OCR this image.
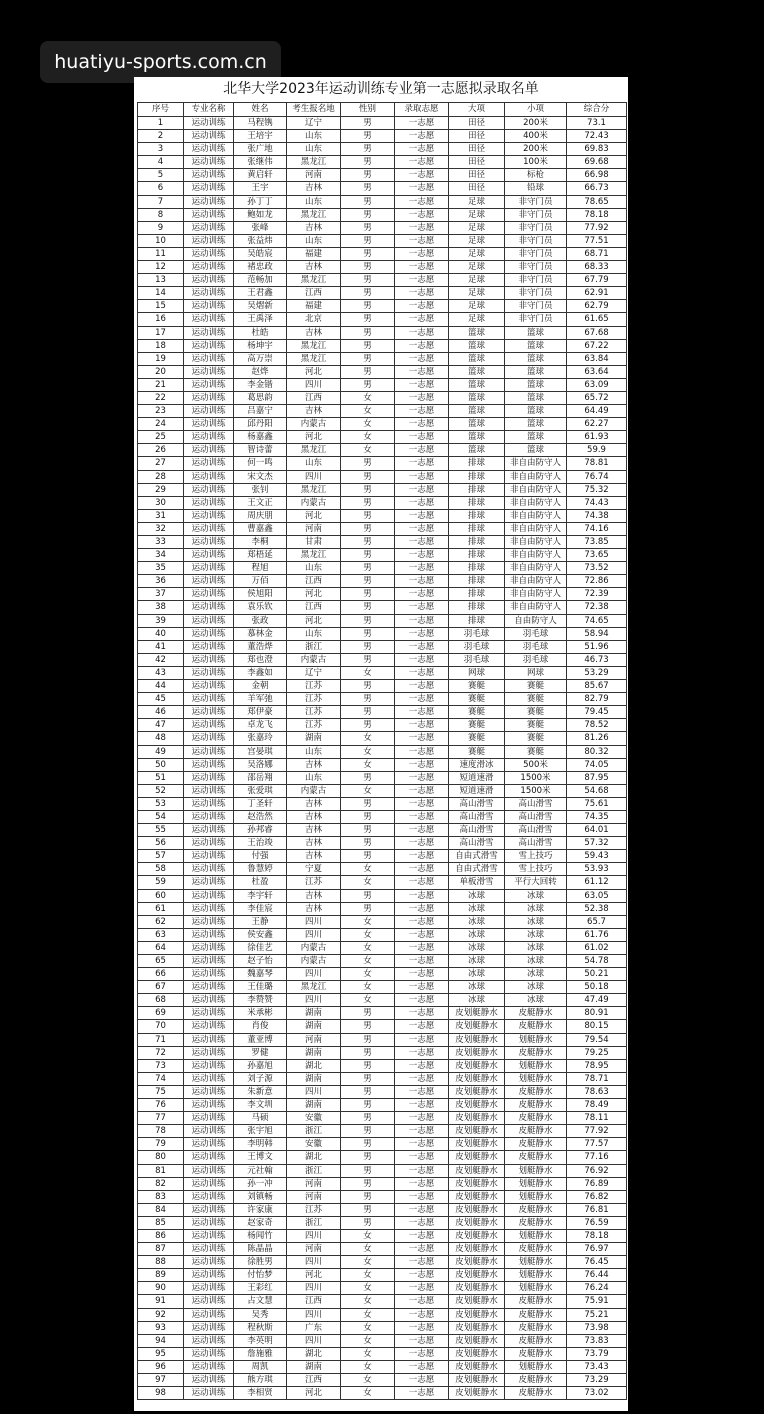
huatiyu-sports.com.cn
北华大学2023年运动训练专业第一志愿拟录取名单
序号	专业名称	姓名	考生报名地	性别	录取志愿	大项	小项	综合分
1	运动训练	马程镌	辽宁	男	一志愿	田径	200米	73.1
2	运动训练	王培宇	山东	男	一志愿	田径	400米	72.43
3	运动训练	张广地	山东	男	一志愿	田径	200米	69.83
4	运动训练	张继伟	黑龙江	男	一志愿	田径	100米	69.68
5	运动训练	黄启轩	河南	男	一志愿	田径	标枪	66.98
6	运动训练	王宇	吉林	男	一志愿	田径	铅球	66.73
7	运动训练	孙丁丁	山东	男	一志愿	足球	非守门员	78.65
8	运动训练	鲍如龙	黑龙江	男	一志愿	足球	非守门员	78.18
9	运动训练	张峰	吉林	男	一志愿	足球	非守门员	77.92
10	运动训练	张益炜	山东	男	一志愿	足球	非守门员	77.51
11	运动训练	吴皓宸	福建	男	一志愿	足球	非守门员	68.71
12	运动训练	褚忠政	吉林	男	一志愿	足球	非守门员	68.33
13	运动训练	范畅加	黑龙江	男	一志愿	足球	非守门员	67.79
14	运动训练	王君鑫	江西	男	一志愿	足球	非守门员	62.91
15	运动训练	吴熠新	福建	男	一志愿	足球	非守门员	62.79
16	运动训练	王禹泽	北京	男	一志愿	足球	非守门员	61.65
17	运动训练	杜皓	吉林	男	一志愿	篮球	篮球	67.68
18	运动训练	杨坤宇	黑龙江	男	一志愿	篮球	篮球	67.22
19	运动训练	高万崇	黑龙江	男	一志愿	篮球	篮球	63.84
20	运动训练	赵烨	河北	男	一志愿	篮球	篮球	63.64
21	运动训练	李金锴	四川	男	一志愿	篮球	篮球	63.09
22	运动训练	葛思韵	江西	女	一志愿	篮球	篮球	65.72
23	运动训练	吕嘉宁	吉林	女	一志愿	篮球	篮球	64.49
24	运动训练	邱丹阳	内蒙古	女	一志愿	篮球	篮球	62.27
25	运动训练	杨嘉鑫	河北	女	一志愿	篮球	篮球	61.93
26	运动训练	智诗蕾	黑龙江	女	一志愿	篮球	篮球	59.9
27	运动训练	何一鸣	山东	男	一志愿	排球	非自由防守人	78.81
28	运动训练	宋文杰	四川	男	一志愿	排球	非自由防守人	76.74
29	运动训练	张钊	黑龙江	男	一志愿	排球	非自由防守人	75.32
30	运动训练	王文正	内蒙古	男	一志愿	排球	非自由防守人	74.43
31	运动训练	周庆朋	河北	男	一志愿	排球	非自由防守人	74.38
32	运动训练	曹嘉鑫	河南	男	一志愿	排球	非自由防守人	74.16
33	运动训练	李桐	甘肃	男	一志愿	排球	非自由防守人	73.85
34	运动训练	郑梧延	黑龙江	男	一志愿	排球	非自由防守人	73.65
35	运动训练	程旭	山东	男	一志愿	排球	非自由防守人	73.52
36	运动训练	万佰	江西	男	一志愿	排球	非自由防守人	72.86
37	运动训练	侯旭阳	河北	男	一志愿	排球	非自由防守人	72.39
38	运动训练	袁乐钦	江西	男	一志愿	排球	非自由防守人	72.38
39	运动训练	张政	河北	男	一志愿	排球	自由防守人	74.65
40	运动训练	慕林金	山东	男	一志愿	羽毛球	羽毛球	58.94
41	运动训练	董浩烨	浙江	男	一志愿	羽毛球	羽毛球	51.96
42	运动训练	郑也澄	内蒙古	男	一志愿	羽毛球	羽毛球	46.73
43	运动训练	李鑫如	辽宁	女	一志愿	网球	网球	53.29
44	运动训练	金朝	江苏	男	一志愿	赛艇	赛艇	85.67
45	运动训练	羊军弛	江苏	男	一志愿	赛艇	赛艇	82.79
46	运动训练	郑伊豪	江苏	男	一志愿	赛艇	赛艇	79.45
47	运动训练	卓龙飞	江苏	男	一志愿	赛艇	赛艇	78.52
48	运动训练	张嘉玲	湖南	女	一志愿	赛艇	赛艇	81.26
49	运动训练	宫晏琪	山东	女	一志愿	赛艇	赛艇	80.32
50	运动训练	吴洛娜	吉林	女	一志愿	速度滑冰	500米	74.05
51	运动训练	邵岳翔	山东	男	一志愿	短道速滑	1500米	87.95
52	运动训练	张爱琪	内蒙古	女	一志愿	短道速滑	1500米	54.68
53	运动训练	丁圣轩	吉林	男	一志愿	高山滑雪	高山滑雪	75.61
54	运动训练	赵浩然	吉林	男	一志愿	高山滑雪	高山滑雪	74.35
55	运动训练	孙邦睿	吉林	男	一志愿	高山滑雪	高山滑雪	64.01
56	运动训练	王治竣	吉林	男	一志愿	高山滑雪	高山滑雪	57.32
57	运动训练	付强	吉林	男	一志愿	自由式滑雪	雪上技巧	59.43
58	运动训练	鲁慧婷	宁夏	女	一志愿	自由式滑雪	雪上技巧	53.93
59	运动训练	杜盈	江苏	女	一志愿	单板滑雪	平行大回转	61.12
60	运动训练	李宇轩	吉林	男	一志愿	冰球	冰球	63.05
61	运动训练	李佳宸	吉林	男	一志愿	冰球	冰球	52.38
62	运动训练	王静	四川	女	一志愿	冰球	冰球	65.7
63	运动训练	侯安鑫	四川	女	一志愿	冰球	冰球	61.76
64	运动训练	徐佳艺	内蒙古	女	一志愿	冰球	冰球	61.02
65	运动训练	赵子怡	内蒙古	女	一志愿	冰球	冰球	54.78
66	运动训练	魏嘉琴	四川	女	一志愿	冰球	冰球	50.21
67	运动训练	王佳璐	黑龙江	女	一志愿	冰球	冰球	50.18
68	运动训练	李赞赞	四川	女	一志愿	冰球	冰球	47.49
69	运动训练	米承彬	湖南	男	一志愿	皮划艇静水	皮艇静水	80.91
70	运动训练	肖俊	湖南	男	一志愿	皮划艇静水	皮艇静水	80.15
71	运动训练	董亚博	河南	男	一志愿	皮划艇静水	划艇静水	79.54
72	运动训练	罗健	湖南	男	一志愿	皮划艇静水	皮艇静水	79.25
73	运动训练	孙嘉旭	湖北	男	一志愿	皮划艇静水	划艇静水	78.95
74	运动训练	刘子源	湖南	男	一志愿	皮划艇静水	划艇静水	78.71
75	运动训练	朱新意	四川	男	一志愿	皮划艇静水	皮艇静水	78.63
76	运动训练	李文圳	湖南	男	一志愿	皮划艇静水	皮艇静水	78.49
77	运动训练	马硕	安徽	男	一志愿	皮划艇静水	皮艇静水	78.11
78	运动训练	张宇旭	浙江	男	一志愿	皮划艇静水	皮艇静水	77.92
79	运动训练	李明韩	安徽	男	一志愿	皮划艇静水	皮艇静水	77.57
80	运动训练	王博文	湖北	男	一志愿	皮划艇静水	皮艇静水	77.16
81	运动训练	元社翰	浙江	男	一志愿	皮划艇静水	划艇静水	76.92
82	运动训练	孙一冲	河南	男	一志愿	皮划艇静水	划艇静水	76.89
83	运动训练	刘镇畅	河南	男	一志愿	皮划艇静水	划艇静水	76.82
84	运动训练	许家康	江苏	男	一志愿	皮划艇静水	皮艇静水	76.81
85	运动训练	赵家奇	浙江	男	一志愿	皮划艇静水	皮艇静水	76.59
86	运动训练	杨闻竹	四川	女	一志愿	皮划艇静水	划艇静水	78.18
87	运动训练	陈晶晶	河南	女	一志愿	皮划艇静水	皮艇静水	76.97
88	运动训练	徐胜男	四川	女	一志愿	皮划艇静水	划艇静水	76.45
89	运动训练	付怡梦	河北	女	一志愿	皮划艇静水	划艇静水	76.44
90	运动训练	王彩红	四川	女	一志愿	皮划艇静水	划艇静水	76.24
91	运动训练	占文慧	江西	女	一志愿	皮划艇静水	皮艇静水	75.91
92	运动训练	吴秀	四川	女	一志愿	皮划艇静水	皮艇静水	75.21
93	运动训练	程秋斯	广东	女	一志愿	皮划艇静水	皮艇静水	73.98
94	运动训练	李英明	四川	女	一志愿	皮划艇静水	皮艇静水	73.83
95	运动训练	詹施雅	湖北	女	一志愿	皮划艇静水	皮艇静水	73.79
96	运动训练	周凯	湖南	女	一志愿	皮划艇静水	划艇静水	73.43
97	运动训练	熊方琪	江西	女	一志愿	皮划艇静水	皮艇静水	73.29
98	运动训练	李相贤	河北	女	一志愿	皮划艇静水	皮艇静水	73.02
